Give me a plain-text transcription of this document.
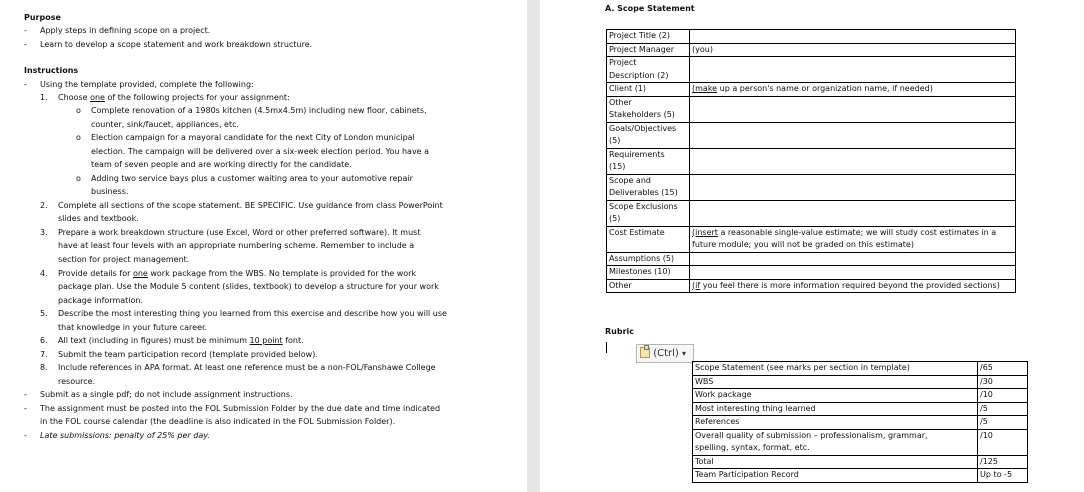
Purpose
- Apply steps in defining scope on a project.
- Learn to develop a scope statement and work breakdown structure.
Instructions
- Using the template provided, complete the following:
1. Choose one of the following projects for your assignment:
o Complete renovation of a 1980s kitchen (4.5mx4.5m) including new floor, cabinets,
counter, sink/faucet, appliances, etc.
o Election campaign for a mayoral candidate for the next City of London municipal
election. The campaign will be delivered over a six-week election period. You have a
team of seven people and are working directly for the candidate.
o Adding two service bays plus a customer waiting area to your automotive repair
business.
2. Complete all sections of the scope statement. BE SPECIFIC. Use guidance from class PowerPoint
slides and textbook.
3. Prepare a work breakdown structure (use Excel, Word or other preferred software). It must
have at least four levels with an appropriate numbering scheme. Remember to include a
section for project management.
4. Provide details for one work package from the WBS. No template is provided for the work
package plan. Use the Module 5 content (slides, textbook) to develop a structure for your work
package information.
5. Describe the most interesting thing you learned from this exercise and describe how you will use
that knowledge in your future career.
6. All text (including in figures) must be minimum 10 point font.
7. Submit the team participation record (template provided below).
8. Include references in APA format. At least one reference must be a non-FOL/Fanshawe College
resource.
- Submit as a single pdf; do not include assignment instructions.
- The assignment must be posted into the FOL Submission Folder by the due date and time indicated
in the FOL course calendar (the deadline is also indicated in the FOL Submission Folder).
- Late submissions: penalty of 25% per day.
A. Scope Statement
Project Title (2)	

Project Manager	(you)

Project
Description (2)	

Client (1)	(make up a person's name or organization name, if needed)

Other
Stakeholders (5)	

Goals/Objectives
(5)	

Requirements
(15)	

Scope and
Deliverables (15)	

Scope Exclusions
(5)	

Cost Estimate	(insert a reasonable single-value estimate; we will study cost estimates in a
future module; you will not be graded on this estimate)

Assumptions (5)	

Milestones (10)	

Other	(if you feel there is more information required beyond the provided sections)
Rubric
(Ctrl) ▾
Scope Statement (see marks per section in template)	/65

WBS	/30

Work package	/10

Most interesting thing learned	/5

References	/5

Overall quality of submission – professionalism, grammar,
spelling, syntax, format, etc.	/10

Total	/125

Team Participation Record	Up to -5
